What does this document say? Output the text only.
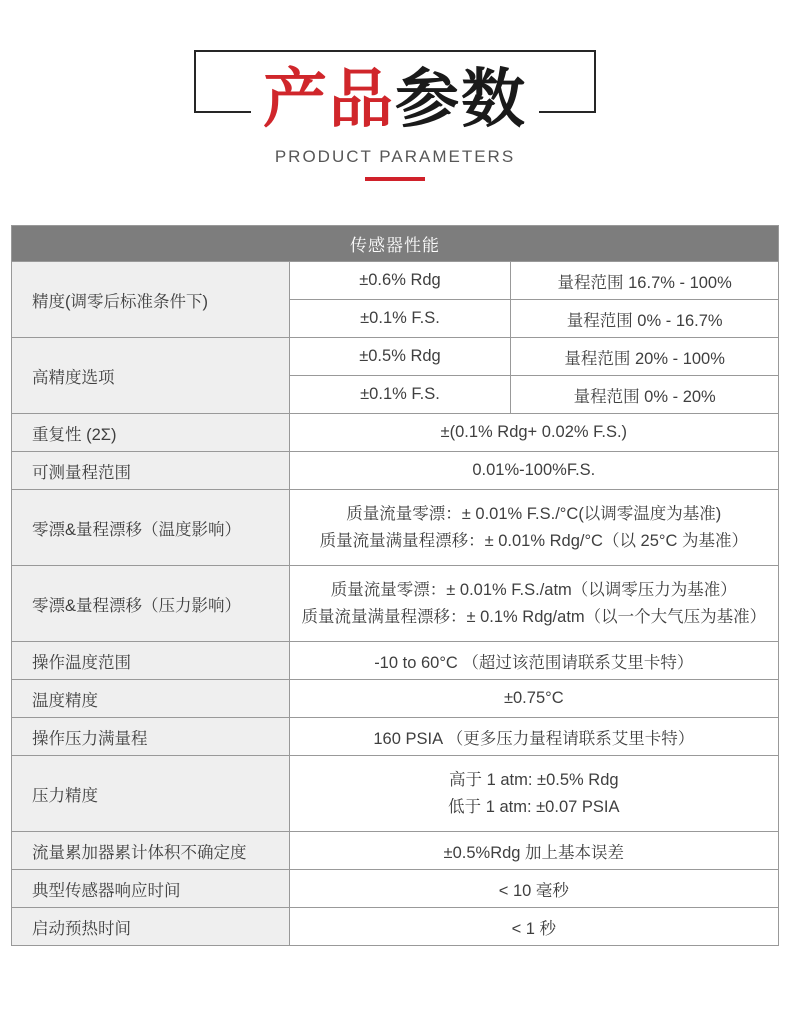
产品参数
PRODUCT PARAMETERS
传感器性能		
精度(调零后标准条件下)	±0.6% Rdg	量程范围 16.7% - 100%
	±0.1% F.S.	量程范围 0% - 16.7%
高精度选项	±0.5% Rdg	量程范围 20% - 100%
	±0.1% F.S.	量程范围 0% - 20%
重复性 (2Σ)	±(0.1% Rdg+ 0.02% F.S.)	
可测量程范围	0.01%-100%F.S.	
零漂&量程漂移（温度影响）	质量流量零漂：± 0.01% F.S./°C(以调零温度为基准)
质量流量满量程漂移：± 0.01% Rdg/°C（以 25°C 为基准）	

零漂&量程漂移（压力影响）	质量流量零漂：± 0.01% F.S./atm（以调零压力为基准）
质量流量满量程漂移：± 0.1% Rdg/atm（以一个大气压为基准）	

操作温度范围	-10 to 60°C （超过该范围请联系艾里卡特）	
温度精度	±0.75°C	
操作压力满量程	160 PSIA （更多压力量程请联系艾里卡特）	
压力精度	高于 1 atm: ±0.5% Rdg
低于 1 atm: ±0.07 PSIA	

流量累加器累计体积不确定度	±0.5%Rdg 加上基本误差	
典型传感器响应时间	< 10 毫秒	
启动预热时间	< 1 秒	
